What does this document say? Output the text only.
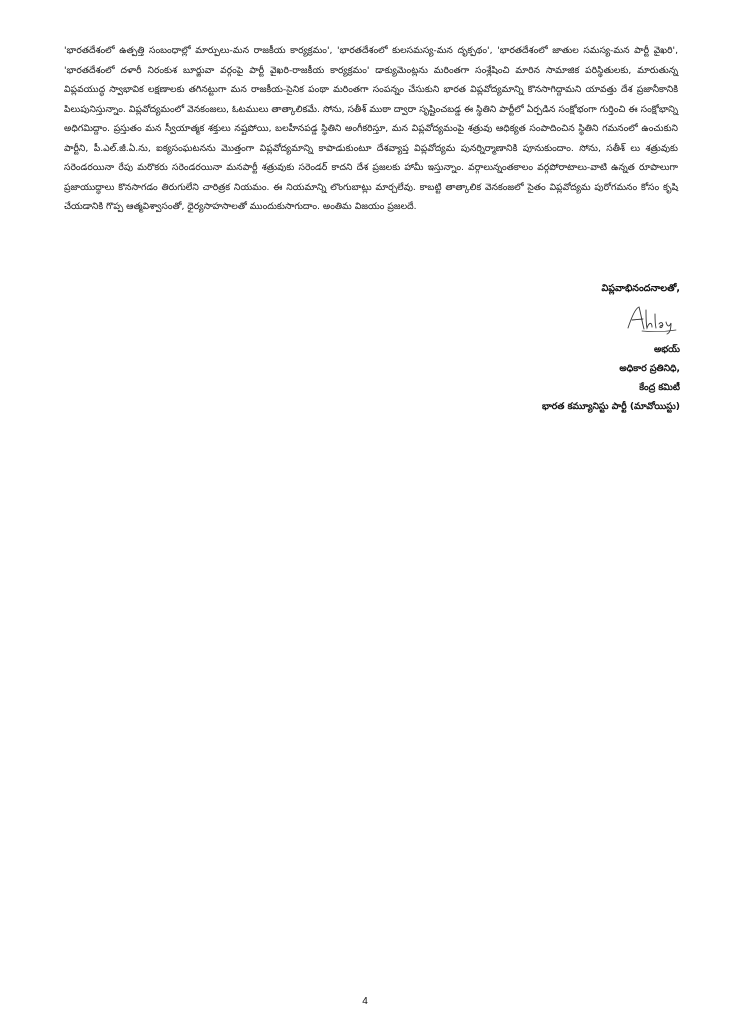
'భారతదేశంలో ఉత్పత్తి సంబంధాల్లో మార్పులు-మన రాజకీయ కార్యక్రమం', 'భారతదేశంలో కులసమస్య-మన దృక్పథం', 'భారతదేశంలో జాతుల సమస్య-మన పార్టీ వైఖరి', 'భారతదేశంలో దళారీ నిరంకుశ బూర్జువా వర్గంపై పార్టీ వైఖరి-రాజకీయ కార్యక్రమం' డాక్యుమెంట్లను మరింతగా సంశ్లేషించి మారిన సామాజిక పరిస్థితులకు, మారుతున్న విప్లవయుద్ధ స్వాభావిక లక్షణాలకు తగినట్టుగా మన రాజకీయ-సైనిక పంథా మరింతగా సంపన్నం చేసుకుని భారత విప్లవోద్యమాన్ని కొనసాగిద్దామని యావత్తు దేశ ప్రజానీకానికి పిలుపునిస్తున్నాం. విప్లవోద్యమంలో వెనకంజలు, ఓటములు తాత్కాలికమే. సోను, సతీశ్ ముఠా ద్వారా సృష్టించబడ్డ ఈ స్థితిని పార్టీలో ఏర్పడిన సంక్షోభంగా గుర్తించి ఈ సంక్షోభాన్ని అధిగమిద్దాం. ప్రస్తుతం మన స్వీయాత్మక శక్తులు నష్టపోయి, బలహీనపడ్డ స్థితిని అంగీకరిస్తూ, మన విప్లవోద్యమంపై శత్రువు ఆధిక్యత సంపాదించిన స్థితిని గమనంలో ఉంచుకుని పార్టీని, పీ.ఎల్.జీ.ఏ.ను, ఐక్యసంఘటనను మొత్తంగా విప్లవోద్యమాన్ని కాపాడుకుంటూ దేశవ్యాప్త విప్లవోద్యమ పునర్నిర్మాణానికి పూనుకుందాం. సోను, సతీశ్ లు శత్రువుకు సరెండరయినా రేపు మరొకరు సరెండరయినా మనపార్టీ శత్రువుకు సరెండర్ కాదని దేశ ప్రజలకు హామీ ఇస్తున్నాం. వర్గాలున్నంతకాలం వర్గపోరాటాలు-వాటి ఉన్నత రూపాలుగా ప్రజాయుద్ధాలు కొనసాగడం తిరుగులేని చారిత్రక నియమం. ఈ నియమాన్ని లొంగుబాట్లు మార్చలేవు. కాబట్టి తాత్కాలిక వెనకంజలో సైతం విప్లవోద్యమ పురోగమనం కోసం కృషి చేయడానికి గొప్ప ఆత్మవిశ్వాసంతో, ధైర్యసాహసాలతో ముందుకుసాగుదాం. అంతిమ విజయం ప్రజలదే.

విప్లవాభినందనాలతో,

అభయ్

అధికార ప్రతినిధి,

కేంద్ర కమిటీ

భారత కమ్యూనిస్టు పార్టీ (మావోయిస్టు)

4
